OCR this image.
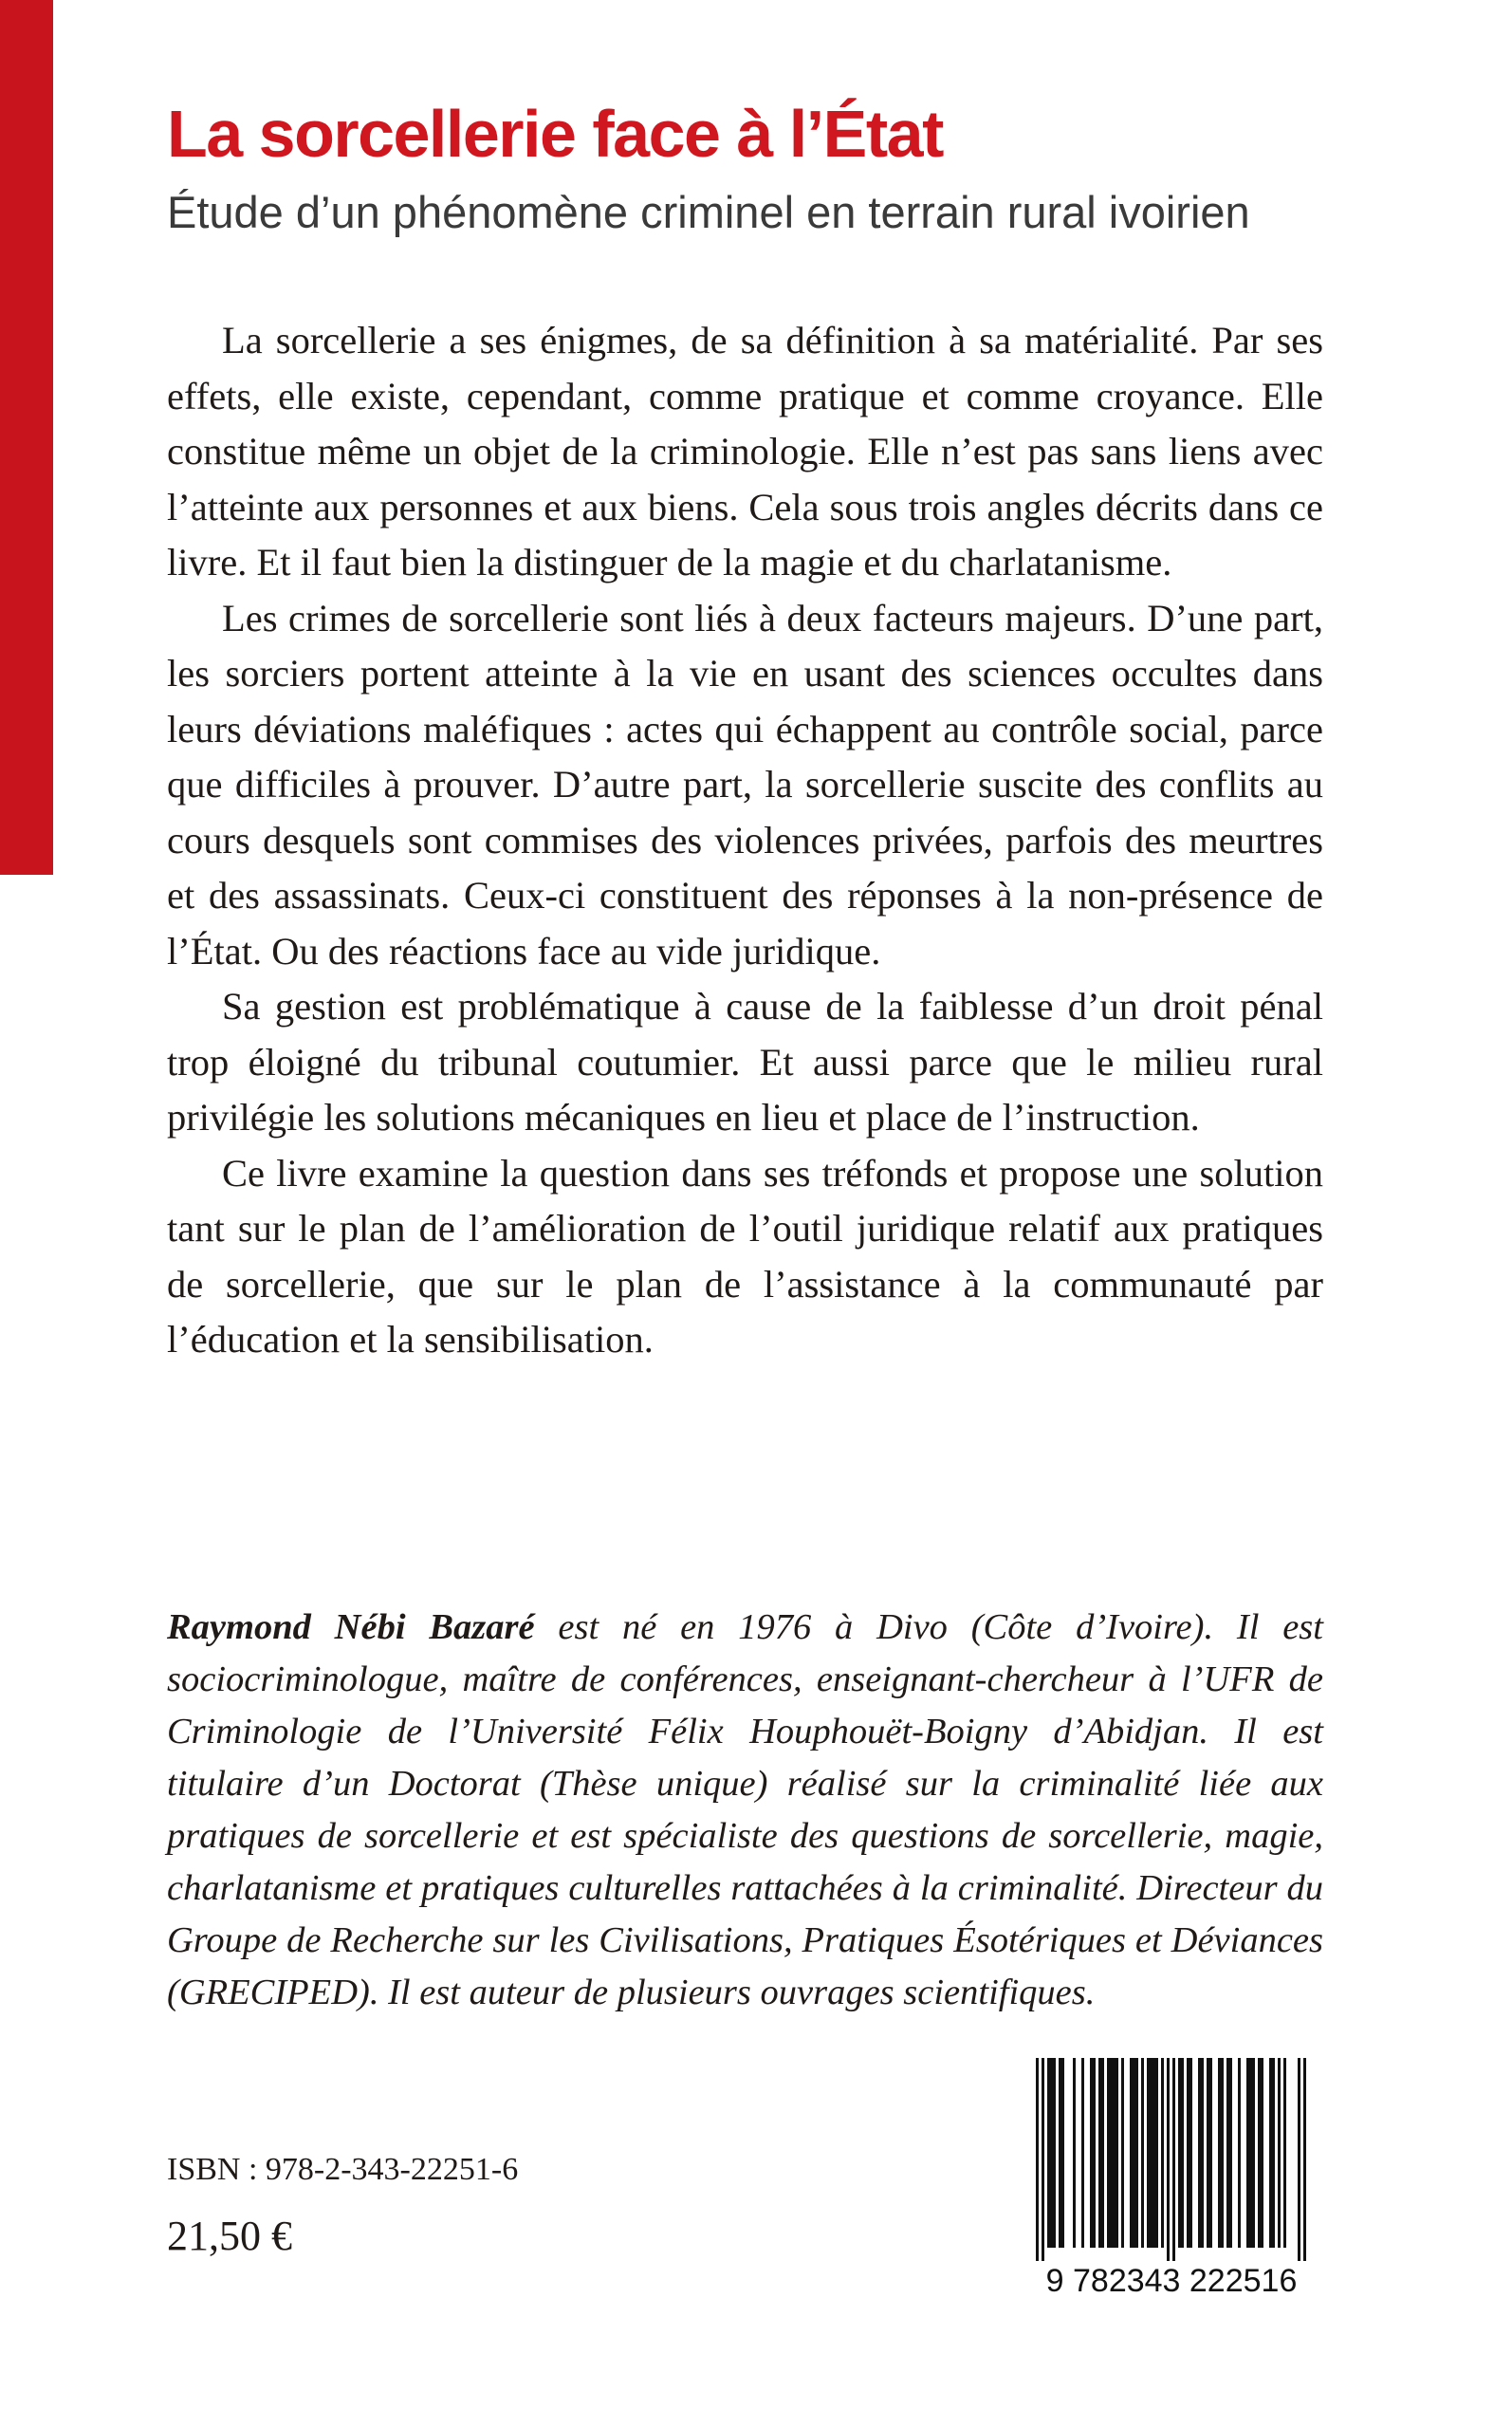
La sorcellerie face à l’État
Étude d’un phénomène criminel en terrain rural ivoirien

La sorcellerie a ses énigmes, de sa définition à sa matérialité. Par ses effets, elle existe, cependant, comme pratique et comme croyance. Elle constitue même un objet de la criminologie. Elle n’est pas sans liens avec l’atteinte aux personnes et aux biens. Cela sous trois angles décrits dans ce livre. Et il faut bien la distinguer de la magie et du charlatanisme.

Les crimes de sorcellerie sont liés à deux facteurs majeurs. D’une part, les sorciers portent atteinte à la vie en usant des sciences occultes dans leurs déviations maléfiques : actes qui échappent au contrôle social, parce que difficiles à prouver. D’autre part, la sorcellerie suscite des conflits au cours desquels sont commises des violences privées, parfois des meurtres et des assassinats. Ceux-ci constituent des réponses à la non-présence de l’État. Ou des réactions face au vide juridique.

Sa gestion est problématique à cause de la faiblesse d’un droit pénal trop éloigné du tribunal coutumier. Et aussi parce que le milieu rural privilégie les solutions mécaniques en lieu et place de l’instruction.

Ce livre examine la question dans ses tréfonds et propose une solution tant sur le plan de l’amélioration de l’outil juridique relatif aux pratiques de sorcellerie, que sur le plan de l’assistance à la communauté par l’éducation et la sensibilisation.

Raymond Nébi Bazaré est né en 1976 à Divo (Côte d’Ivoire). Il est sociocriminologue, maître de conférences, enseignant-chercheur à l’UFR de Criminologie de l’Université Félix Houphouët-Boigny d’Abidjan. Il est titulaire d’un Doctorat (Thèse unique) réalisé sur la criminalité liée aux pratiques de sorcellerie et est spécialiste des questions de sorcellerie, magie, charlatanisme et pratiques culturelles rattachées à la criminalité. Directeur du Groupe de Recherche sur les Civilisations, Pratiques Ésotériques et Déviances (GRECIPED). Il est auteur de plusieurs ouvrages scientifiques.
ISBN : 978-2-343-22251-6
21,50 €
9 782343 222516
